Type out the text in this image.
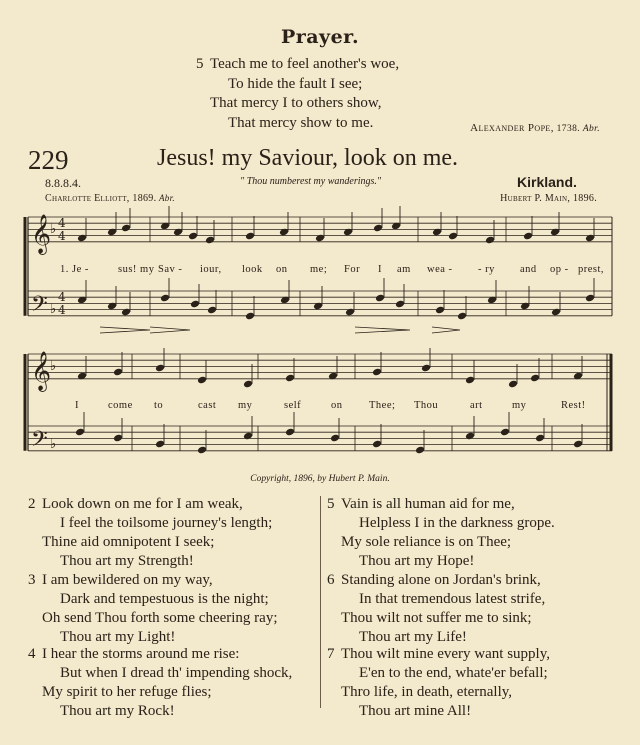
Prayer.
5 Teach me to feel another's woe,
To hide the fault I see;
That mercy I to others show,
That mercy show to me.	Alexander Pope, 1738. Abr.
229	Jesus! my Saviour, look on me.
8.8.8.4.	" Thou numberest my wanderings."	Kirkland.
Charlotte Elliott, 1869. Abr.	Hubert P. Main, 1896.
𝄞
♭
𝄞
♭
𝄢 ♭
𝄢 ♭
4
4
4
4
1. Je -	sus! my Sav - iour, look on me; For I am wea - - ry and op - prest,
I	come to	cast my	self	on	Thee; Thou	art	my	Rest!
Copyright, 1896, by Hubert P. Main.
2 Look down on me for I am weak,
I feel the toilsome journey's length;
Thine aid omnipotent I seek;
Thou art my Strength!
3 I am bewildered on my way,
Dark and tempestuous is the night;
Oh send Thou forth some cheering ray;
Thou art my Light!
4 I hear the storms around me rise:
But when I dread th' impending shock,
My spirit to her refuge flies;
Thou art my Rock!
5 Vain is all human aid for me,
Helpless I in the darkness grope.
My sole reliance is on Thee;
Thou art my Hope!
6 Standing alone on Jordan's brink,
In that tremendous latest strife,
Thou wilt not suffer me to sink;
Thou art my Life!
7 Thou wilt mine every want supply,
E'en to the end, whate'er befall;
Thro life, in death, eternally,
Thou art mine All!
